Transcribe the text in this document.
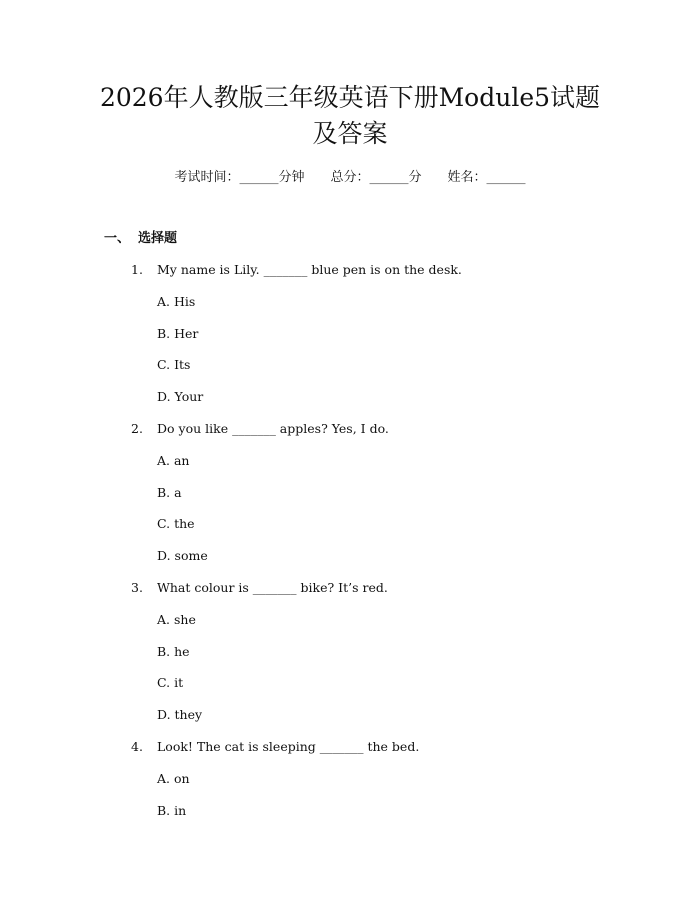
2026年人教版三年级英语下册Module5试题
及答案
考试时间：______分钟　　总分：______分　　姓名：______
一、 选择题
1.	My name is Lily. _______ blue pen is on the desk.
A. His
B. Her
C. Its
D. Your
2.	Do you like _______ apples? Yes, I do.
A. an
B. a
C. the
D. some
3.	What colour is _______ bike? It’s red.
A. she
B. he
C. it
D. they
4.	Look! The cat is sleeping _______ the bed.
A. on
B. in
